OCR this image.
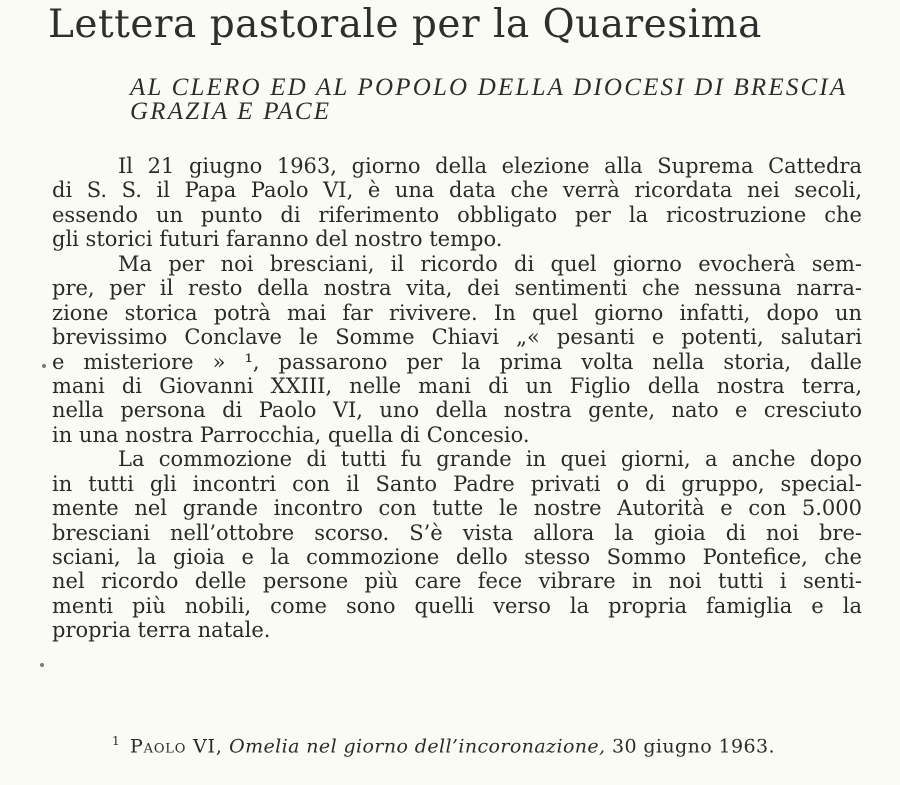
Lettera pastorale per la Quaresima
AL CLERO ED AL POPOLO DELLA DIOCESI DI BRESCIA
GRAZIA E PACE
Il 21 giugno 1963, giorno della elezione alla Suprema Cattedra
di S. S. il Papa Paolo VI, è una data che verrà ricordata nei secoli,
essendo un punto di riferimento obbligato per la ricostruzione che
gli storici futuri faranno del nostro tempo.
Ma per noi bresciani, il ricordo di quel giorno evocherà sem-
pre, per il resto della nostra vita, dei sentimenti che nessuna narra-
zione storica potrà mai far rivivere. In quel giorno infatti, dopo un
brevissimo Conclave le Somme Chiavi „« pesanti e potenti, salutari
e misteriore » ¹, passarono per la prima volta nella storia, dalle
mani di Giovanni XXIII, nelle mani di un Figlio della nostra terra,
nella persona di Paolo VI, uno della nostra gente, nato e cresciuto
in una nostra Parrocchia, quella di Concesio.
La commozione di tutti fu grande in quei giorni, a anche dopo
in tutti gli incontri con il Santo Padre privati o di gruppo, special-
mente nel grande incontro con tutte le nostre Autorità e con 5.000
bresciani nell’ottobre scorso. S’è vista allora la gioia di noi bre-
sciani, la gioia e la commozione dello stesso Sommo Pontefice, che
nel ricordo delle persone più care fece vibrare in noi tutti i senti-
menti più nobili, come sono quelli verso la propria famiglia e la
propria terra natale.
$^1$ Paolo VI, Omelia nel giorno dell’incoronazione, 30 giugno 1963.
